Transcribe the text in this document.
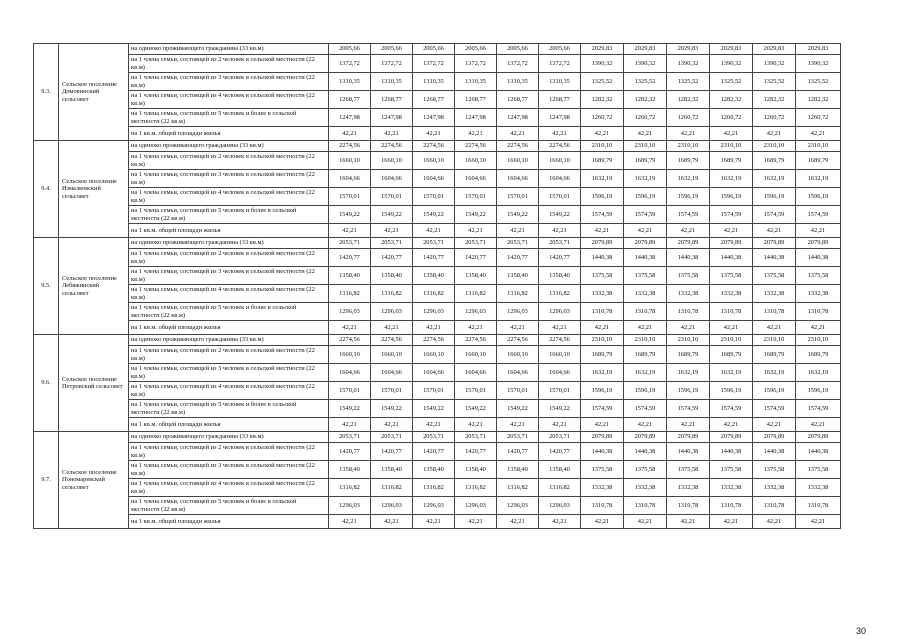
9.3.	Сельское поселение Домовинский сельсовет	на одиноко проживающего гражданина (33 кв.м)	2005,66	2005,66	2005,66	2005,66	2005,66	2005,66	2029,83	2029,83	2029,83	2029,83	2029,83	2029,83
		на 1 члена семьи, состоящей из 2 человек в сельской местности (22 кв.м)	1372,72	1372,72	1372,72	1372,72	1372,72	1372,72	1390,32	1390,32	1390,32	1390,32	1390,32	1390,32
		на 1 члена семьи, состоящей из 3 человек в сельской местности (22 кв.м)	1310,35	1310,35	1310,35	1310,35	1310,35	1310,35	1325,52	1325,52	1325,52	1325,52	1325,52	1325,52
		на 1 члена семьи, состоящей из 4 человек в сельской местности (22 кв.м)	1268,77	1268,77	1268,77	1268,77	1268,77	1268,77	1282,32	1282,32	1282,32	1282,32	1282,32	1282,32
		на 1 члена семьи, состоящей из 5 человек и более в сельской местности (22 кв.м)	1247,98	1247,98	1247,98	1247,98	1247,98	1247,98	1260,72	1260,72	1260,72	1260,72	1260,72	1260,72
		на 1 кв.м. общей площади жилья	42,21	42,21	42,21	42,21	42,21	42,21	42,21	42,21	42,21	42,21	42,21	42,21
9.4.	Сельское поселение Измалковский сельсовет	на одиноко проживающего гражданина (33 кв.м)	2274,56	2274,56	2274,56	2274,56	2274,56	2274,56	2310,10	2310,10	2310,10	2310,10	2310,10	2310,10
		на 1 члена семьи, состоящей из 2 человек в сельской местности (22 кв.м)	1660,10	1660,10	1660,10	1660,10	1660,10	1660,10	1689,79	1689,79	1689,79	1689,79	1689,79	1689,79
		на 1 члена семьи, состоящей из 3 человек в сельской местности (22 кв.м)	1604,66	1604,66	1604,66	1604,66	1604,66	1604,66	1632,19	1632,19	1632,19	1632,19	1632,19	1632,19
		на 1 члена семьи, состоящей из 4 человек в сельской местности (22 кв.м)	1570,01	1570,01	1570,01	1570,01	1570,01	1570,01	1596,19	1596,19	1596,19	1596,19	1596,19	1596,19
		на 1 члена семьи, состоящей из 5 человек и более в сельской местности (22 кв.м)	1549,22	1549,22	1549,22	1549,22	1549,22	1549,22	1574,59	1574,59	1574,59	1574,59	1574,59	1574,59
		на 1 кв.м. общей площади жилья	42,21	42,21	42,21	42,21	42,21	42,21	42,21	42,21	42,21	42,21	42,21	42,21
9.5.	Сельское поселение Лебяжинский сельсовет	на одиноко проживающего гражданина (33 кв.м)	2053,71	2053,71	2053,71	2053,71	2053,71	2053,71	2079,89	2079,89	2079,89	2079,89	2079,89	2079,89
		на 1 члена семьи, состоящей из 2 человек в сельской местности (22 кв.м)	1420,77	1420,77	1420,77	1420,77	1420,77	1420,77	1440,38	1440,38	1440,38	1440,38	1440,38	1440,38
		на 1 члена семьи, состоящей из 3 человек в сельской местности (22 кв.м)	1358,40	1358,40	1358,40	1358,40	1358,40	1358,40	1375,58	1375,58	1375,58	1375,58	1375,58	1375,58
		на 1 члена семьи, состоящей из 4 человек в сельской местности (22 кв.м)	1316,82	1316,82	1316,82	1316,82	1316,82	1316,82	1332,38	1332,38	1332,38	1332,38	1332,38	1332,38
		на 1 члена семьи, состоящей из 5 человек и более в сельской местности (22 кв.м)	1296,03	1296,03	1296,03	1296,03	1296,03	1296,03	1310,78	1310,78	1310,78	1310,78	1310,78	1310,78
		на 1 кв.м. общей площади жилья	42,21	42,21	42,21	42,21	42,21	42,21	42,21	42,21	42,21	42,21	42,21	42,21
9.6.	Сельское поселение Петровский сельсовет	на одиноко проживающего гражданина (33 кв.м)	2274,56	2274,56	2274,56	2274,56	2274,56	2274,56	2310,10	2310,10	2310,10	2310,10	2310,10	2310,10
		на 1 члена семьи, состоящей из 2 человек в сельской местности (22 кв.м)	1660,10	1660,10	1660,10	1660,10	1660,10	1660,10	1689,79	1689,79	1689,79	1689,79	1689,79	1689,79
		на 1 члена семьи, состоящей из 3 человек в сельской местности (22 кв.м)	1604,66	1604,66	1604,66	1604,66	1604,66	1604,66	1632,19	1632,19	1632,19	1632,19	1632,19	1632,19
		на 1 члена семьи, состоящей из 4 человек в сельской местности (22 кв.м)	1570,01	1570,01	1570,01	1570,01	1570,01	1570,01	1596,19	1596,19	1596,19	1596,19	1596,19	1596,19
		на 1 члена семьи, состоящей из 5 человек и более в сельской местности (22 кв.м)	1549,22	1549,22	1549,22	1549,22	1549,22	1549,22	1574,59	1574,59	1574,59	1574,59	1574,59	1574,59
		на 1 кв.м. общей площади жилья	42,21	42,21	42,21	42,21	42,21	42,21	42,21	42,21	42,21	42,21	42,21	42,21
9.7.	Сельское поселение Пономаревский сельсовет	на одиноко проживающего гражданина (33 кв.м)	2053,71	2053,71	2053,71	2053,71	2053,71	2053,71	2079,89	2079,89	2079,89	2079,89	2079,89	2079,89
		на 1 члена семьи, состоящей из 2 человек в сельской местности (22 кв.м)	1420,77	1420,77	1420,77	1420,77	1420,77	1420,77	1440,38	1440,38	1440,38	1440,38	1440,38	1440,38
		на 1 члена семьи, состоящей из 3 человек в сельской местности (22 кв.м)	1358,40	1358,40	1358,40	1358,40	1358,40	1358,40	1375,58	1375,58	1375,58	1375,58	1375,58	1375,58
		на 1 члена семьи, состоящей из 4 человек в сельской местности (22 кв.м)	1316,82	1316,82	1316,82	1316,82	1316,82	1316,82	1332,38	1332,38	1332,38	1332,38	1332,38	1332,38
		на 1 члена семьи, состоящей из 5 человек и более в сельской местности (22 кв.м)	1296,03	1296,03	1296,03	1296,03	1296,03	1296,03	1310,78	1310,78	1310,78	1310,78	1310,78	1310,78
		на 1 кв.м. общей площади жилья	42,21	42,21	42,21	42,21	42,21	42,21	42,21	42,21	42,21	42,21	42,21	42,21
30
